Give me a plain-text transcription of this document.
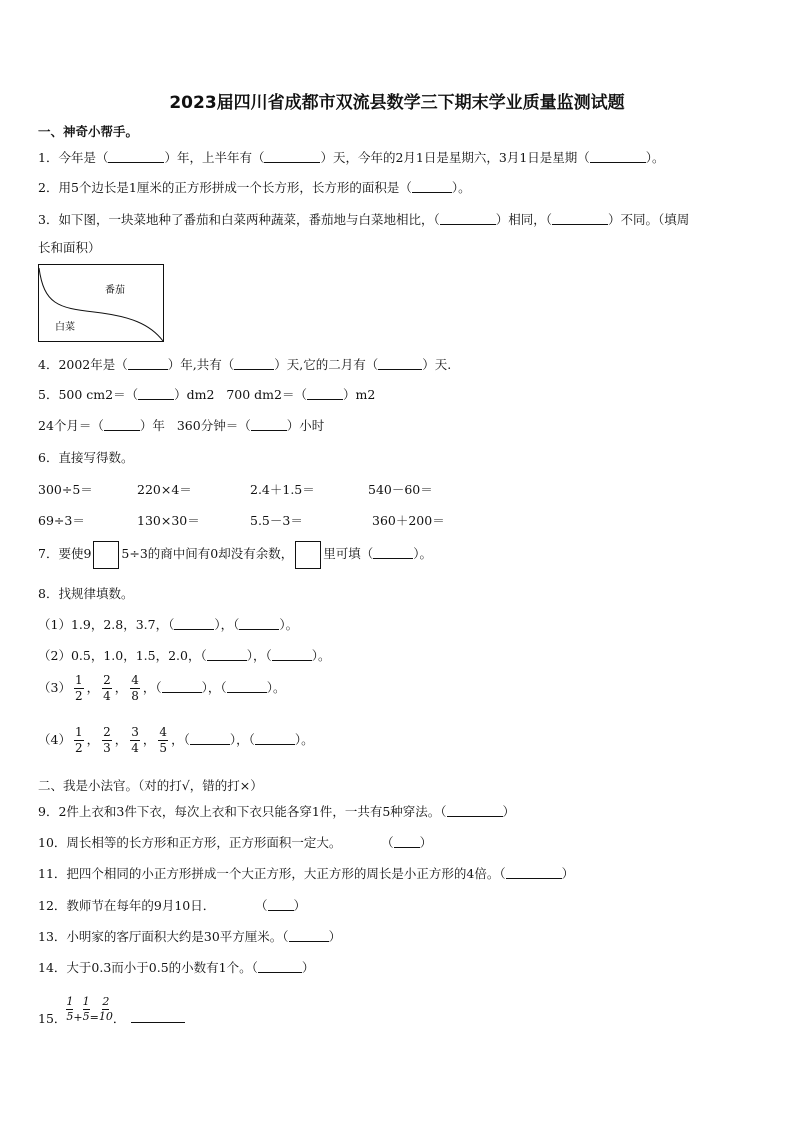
2023届四川省成都市双流县数学三下期末学业质量监测试题
一、神奇小帮手。
1．今年是（	）年，上半年有（	）天，今年的2月1日是星期六，3月1日是星期（	）。
2．用5个边长是1厘米的正方形拼成一个长方形，长方形的面积是（	）。
3．如下图，一块菜地种了番茄和白菜两种蔬菜，番茄地与白菜地相比，（	）相同，（	）不同。（填周
长和面积）
番茄
白菜
4．2002年是（	）年,共有（	）天,它的二月有（	）天.
5．500 cm2＝（	）dm2 700 dm2＝（	）m2
24个月＝（	）年 360分钟＝（	）小时
6．直接写得数。
300÷5＝	220×4＝	2.4＋1.5＝	540－60＝
69÷3＝	130×30＝	5.5－3＝	360＋200＝
7．要使9 5÷3的商中间有0却没有余数， 里可填（	）。
8．找规律填数。
（1）1.9，2.8，3.7，（	），（	）。
（2）0.5，1.0，1.5，2.0，（	），（	）。
$(3) \frac{1}{2}$ ， $\frac{2}{4}$ ， $\frac{4}{8}$ ，（	），（	）。
$(4) \frac{1}{2}$ ， $\frac{2}{3}$ ， $\frac{3}{4}$ ， $\frac{4}{5}$ ，（	），（	）。
二、我是小法官。（对的打√，错的打×）
9．2件上衣和3件下衣，每次上衣和下衣只能各穿1件，一共有5种穿法。（	）
10．周长相等的长方形和正方形，正方形面积一定大。	（ ）
11．把四个相同的小正方形拼成一个大正方形，大正方形的周长是小正方形的4倍。（	）
12．教师节在每年的9月10日．	（ ）
13．小明家的客厅面积大约是30平方厘米。（	）
14．大于0.3而小于0.5的小数有1个。（	）
15． $\frac{1}{5} + \frac{1}{5} = \frac{2}{10}$ ．
